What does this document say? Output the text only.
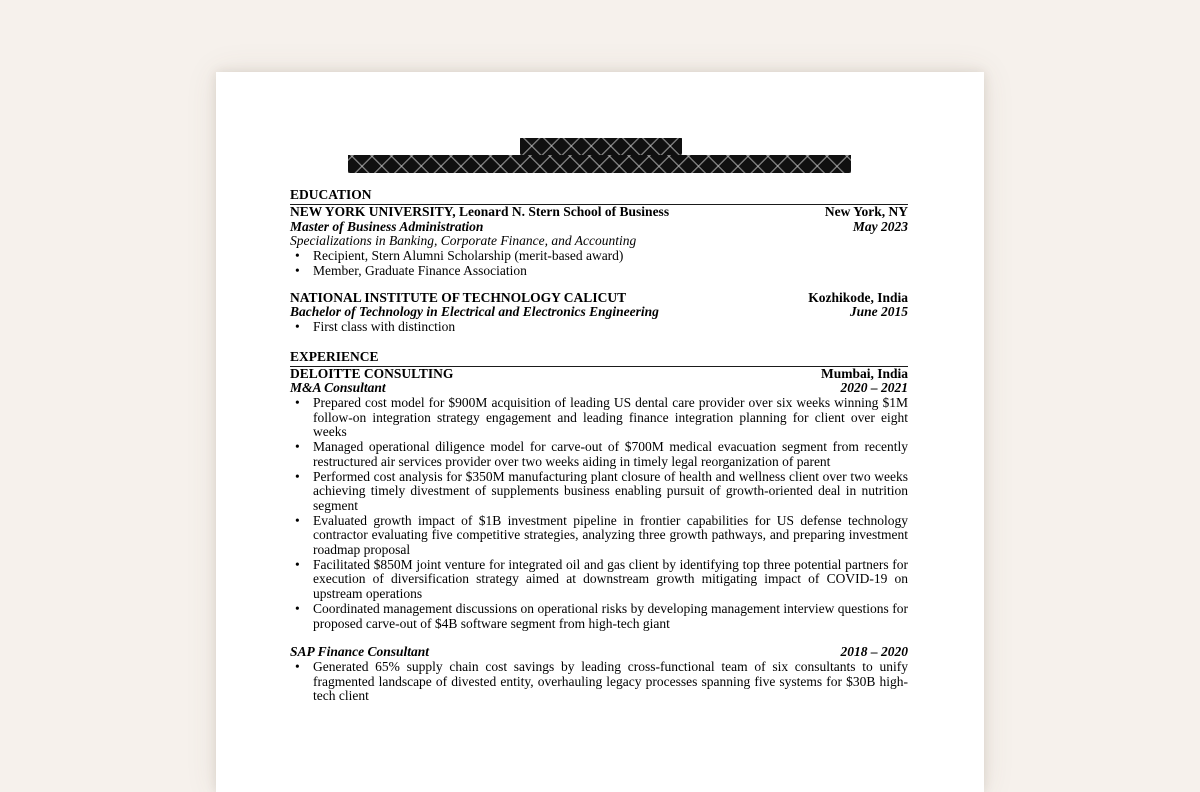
EDUCATION
NEW YORK UNIVERSITY, Leonard N. Stern School of Business	New York, NY
Master of Business Administration	May 2023
Specializations in Banking, Corporate Finance, and Accounting
• Recipient, Stern Alumni Scholarship (merit-based award)
• Member, Graduate Finance Association
NATIONAL INSTITUTE OF TECHNOLOGY CALICUT	Kozhikode, India
Bachelor of Technology in Electrical and Electronics Engineering	June 2015
• First class with distinction
EXPERIENCE
DELOITTE CONSULTING	Mumbai, India
M&A Consultant	2020 – 2021
• Prepared cost model for $900M acquisition of leading US dental care provider over six weeks winning $1M follow-on integration strategy engagement and leading finance integration planning for client over eight weeks
• Managed operational diligence model for carve-out of $700M medical evacuation segment from recently restructured air services provider over two weeks aiding in timely legal reorganization of parent
• Performed cost analysis for $350M manufacturing plant closure of health and wellness client over two weeks achieving timely divestment of supplements business enabling pursuit of growth-oriented deal in nutrition segment
• Evaluated growth impact of $1B investment pipeline in frontier capabilities for US defense technology contractor evaluating five competitive strategies, analyzing three growth pathways, and preparing investment roadmap proposal
• Facilitated $850M joint venture for integrated oil and gas client by identifying top three potential partners for execution of diversification strategy aimed at downstream growth mitigating impact of COVID-19 on upstream operations
• Coordinated management discussions on operational risks by developing management interview questions for proposed carve-out of $4B software segment from high-tech giant
SAP Finance Consultant	2018 – 2020
• Generated 65% supply chain cost savings by leading cross-functional team of six consultants to unify fragmented landscape of divested entity, overhauling legacy processes spanning five systems for $30B high-tech client
